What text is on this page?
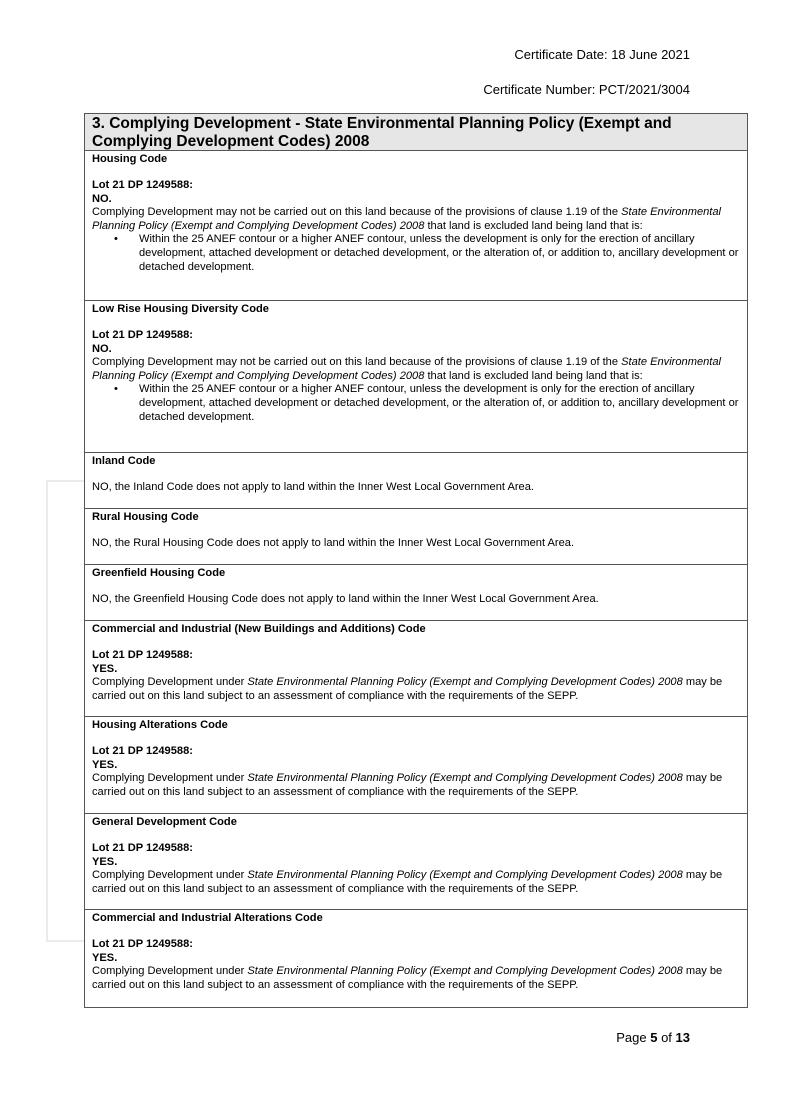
Certificate Date: 18 June 2021
Certificate Number: PCT/2021/3004
3. Complying Development - State Environmental Planning Policy (Exempt and Complying Development Codes) 2008
Housing Code
Lot 21 DP 1249588:
NO.
Complying Development may not be carried out on this land because of the provisions of clause 1.19 of the State Environmental Planning Policy (Exempt and Complying Development Codes) 2008 that land is excluded land being land that is:
• Within the 25 ANEF contour or a higher ANEF contour, unless the development is only for the erection of ancillary development, attached development or detached development, or the alteration of, or addition to, ancillary development or detached development.
Low Rise Housing Diversity Code
Lot 21 DP 1249588:
NO.
Complying Development may not be carried out on this land because of the provisions of clause 1.19 of the State Environmental Planning Policy (Exempt and Complying Development Codes) 2008 that land is excluded land being land that is:
• Within the 25 ANEF contour or a higher ANEF contour, unless the development is only for the erection of ancillary development, attached development or detached development, or the alteration of, or addition to, ancillary development or detached development.
Inland Code
NO, the Inland Code does not apply to land within the Inner West Local Government Area.
Rural Housing Code
NO, the Rural Housing Code does not apply to land within the Inner West Local Government Area.
Greenfield Housing Code
NO, the Greenfield Housing Code does not apply to land within the Inner West Local Government Area.
Commercial and Industrial (New Buildings and Additions) Code
Lot 21 DP 1249588:
YES.
Complying Development under State Environmental Planning Policy (Exempt and Complying Development Codes) 2008 may be carried out on this land subject to an assessment of compliance with the requirements of the SEPP.
Housing Alterations Code
Lot 21 DP 1249588:
YES.
Complying Development under State Environmental Planning Policy (Exempt and Complying Development Codes) 2008 may be carried out on this land subject to an assessment of compliance with the requirements of the SEPP.
General Development Code
Lot 21 DP 1249588:
YES.
Complying Development under State Environmental Planning Policy (Exempt and Complying Development Codes) 2008 may be carried out on this land subject to an assessment of compliance with the requirements of the SEPP.
Commercial and Industrial Alterations Code
Lot 21 DP 1249588:
YES.
Complying Development under State Environmental Planning Policy (Exempt and Complying Development Codes) 2008 may be carried out on this land subject to an assessment of compliance with the requirements of the SEPP.
Page 5 of 13
